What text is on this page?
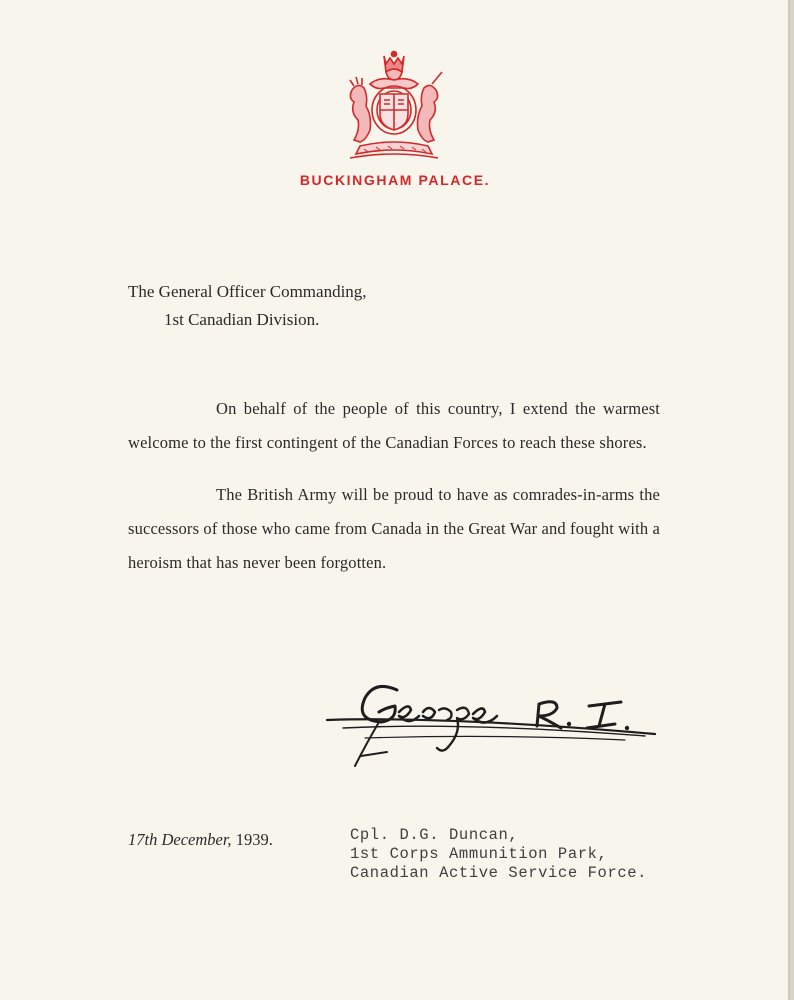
BUCKINGHAM PALACE.
The General Officer Commanding,
1st Canadian Division.

On behalf of the people of this country, I extend the warmest welcome to the first contingent of the Canadian Forces to reach these shores.

The British Army will be proud to have as comrades-in-arms the successors of those who came from Canada in the Great War and fought with a heroism that has never been forgotten.

17th December, 1939.	Cpl. D.G. Duncan,
1st Corps Ammunition Park,
Canadian Active Service Force.
